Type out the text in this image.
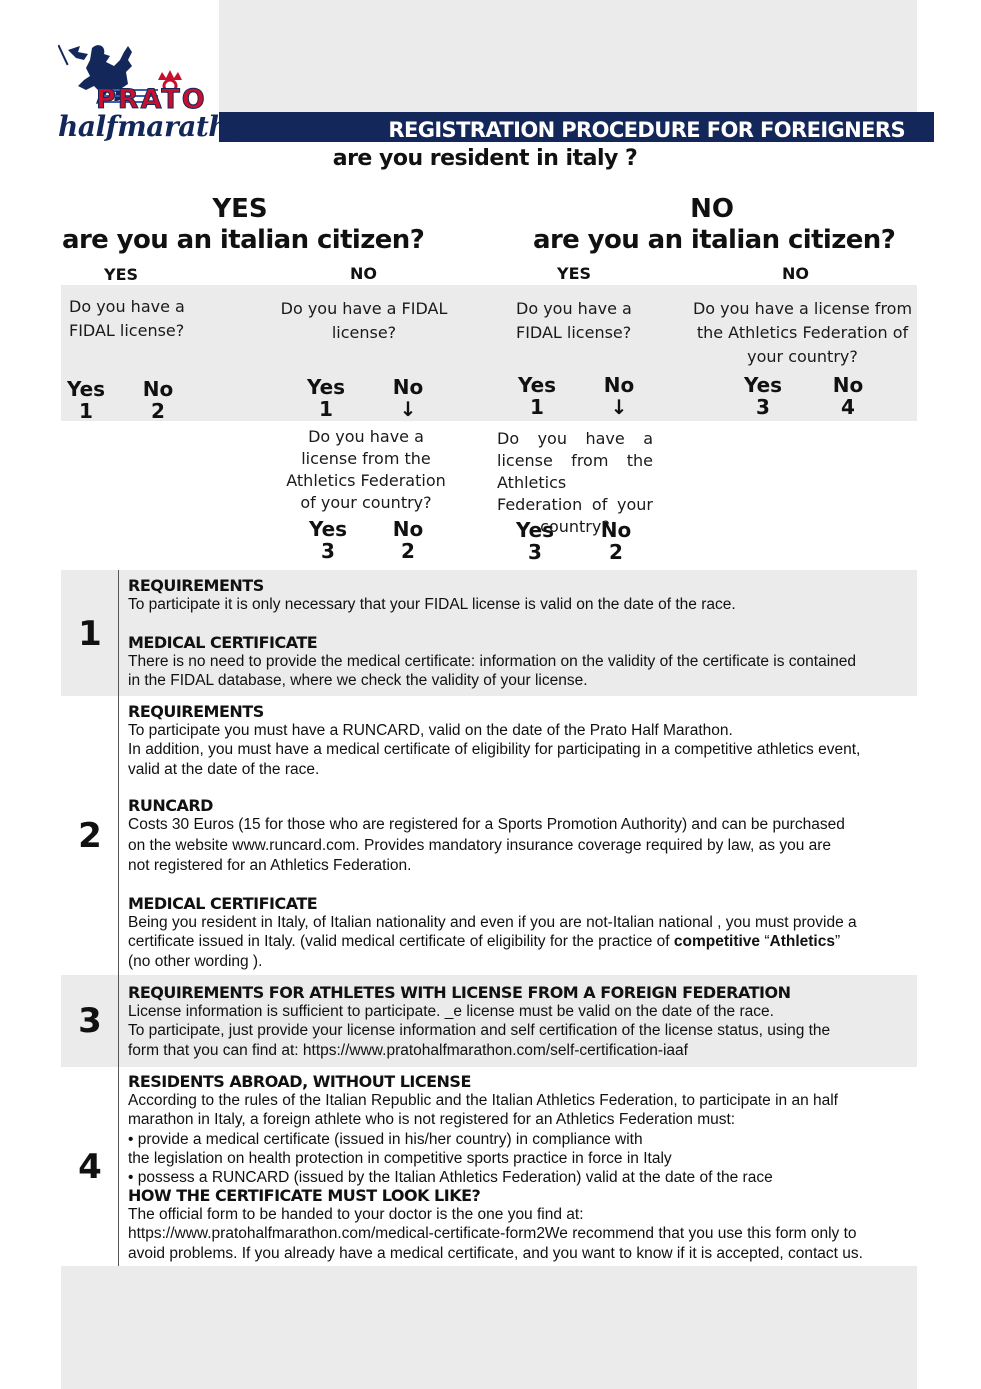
REGISTRATION PROCEDURE FOR FOREIGNERS
PRATO
halfmarathon
are you resident in italy ?
YES
are you an italian citizen?
YES	NO
NO
are you an italian citizen?
YES	NO
Do you have a FIDAL license?
Yes
1
No
2
Do you have a FIDAL license?
Yes
1
No
↓
Do you have a FIDAL license?
Yes
1
No
↓
Do you have a license from the Athletics Federation of your country?
Yes
3
No
4
Do you have a license from the Athletics Federation of your country?
Yes
3
No
2
Do you have a license from the Athletics Federation of your country?
Yes
3
No
2
1
REQUIREMENTS
To participate it is only necessary that your FIDAL license is valid on the date of the race.
MEDICAL CERTIFICATE
There is no need to provide the medical certificate: information on the validity of the certificate is contained
in the FIDAL database, where we check the validity of your license.
2
REQUIREMENTS
To participate you must have a RUNCARD, valid on the date of the Prato Half Marathon.
In addition, you must have a medical certificate of eligibility for participating in a competitive athletics event,
valid at the date of the race.
RUNCARD
Costs 30 Euros (15 for those who are registered for a Sports Promotion Authority) and can be purchased
on the website www.runcard.com. Provides mandatory insurance coverage required by law, as you are
not registered for an Athletics Federation.
MEDICAL CERTIFICATE
Being you resident in Italy, of Italian nationality and even if you are not-Italian national , you must provide a
certificate issued in Italy. (valid medical certificate of eligibility for the practice of competitive “Athletics”
(no other wording ).
3
REQUIREMENTS FOR ATHLETES WITH LICENSE FROM A FOREIGN FEDERATION
License information is sufficient to participate. _e license must be valid on the date of the race.
To participate, just provide your license information and self certification of the license status, using the
form that you can find at: https://www.pratohalfmarathon.com/self-certification-iaaf
4
RESIDENTS ABROAD, WITHOUT LICENSE
According to the rules of the Italian Republic and the Italian Athletics Federation, to participate in an half
marathon in Italy, a foreign athlete who is not registered for an Athletics Federation must:
• provide a medical certificate (issued in his/her country) in compliance with
the legislation on health protection in competitive sports practice in force in Italy
• possess a RUNCARD (issued by the Italian Athletics Federation) valid at the date of the race
HOW THE CERTIFICATE MUST LOOK LIKE?
The official form to be handed to your doctor is the one you find at:
https://www.pratohalfmarathon.com/medical-certificate-form2We recommend that you use this form only to
avoid problems. If you already have a medical certificate, and you want to know if it is accepted, contact us.
